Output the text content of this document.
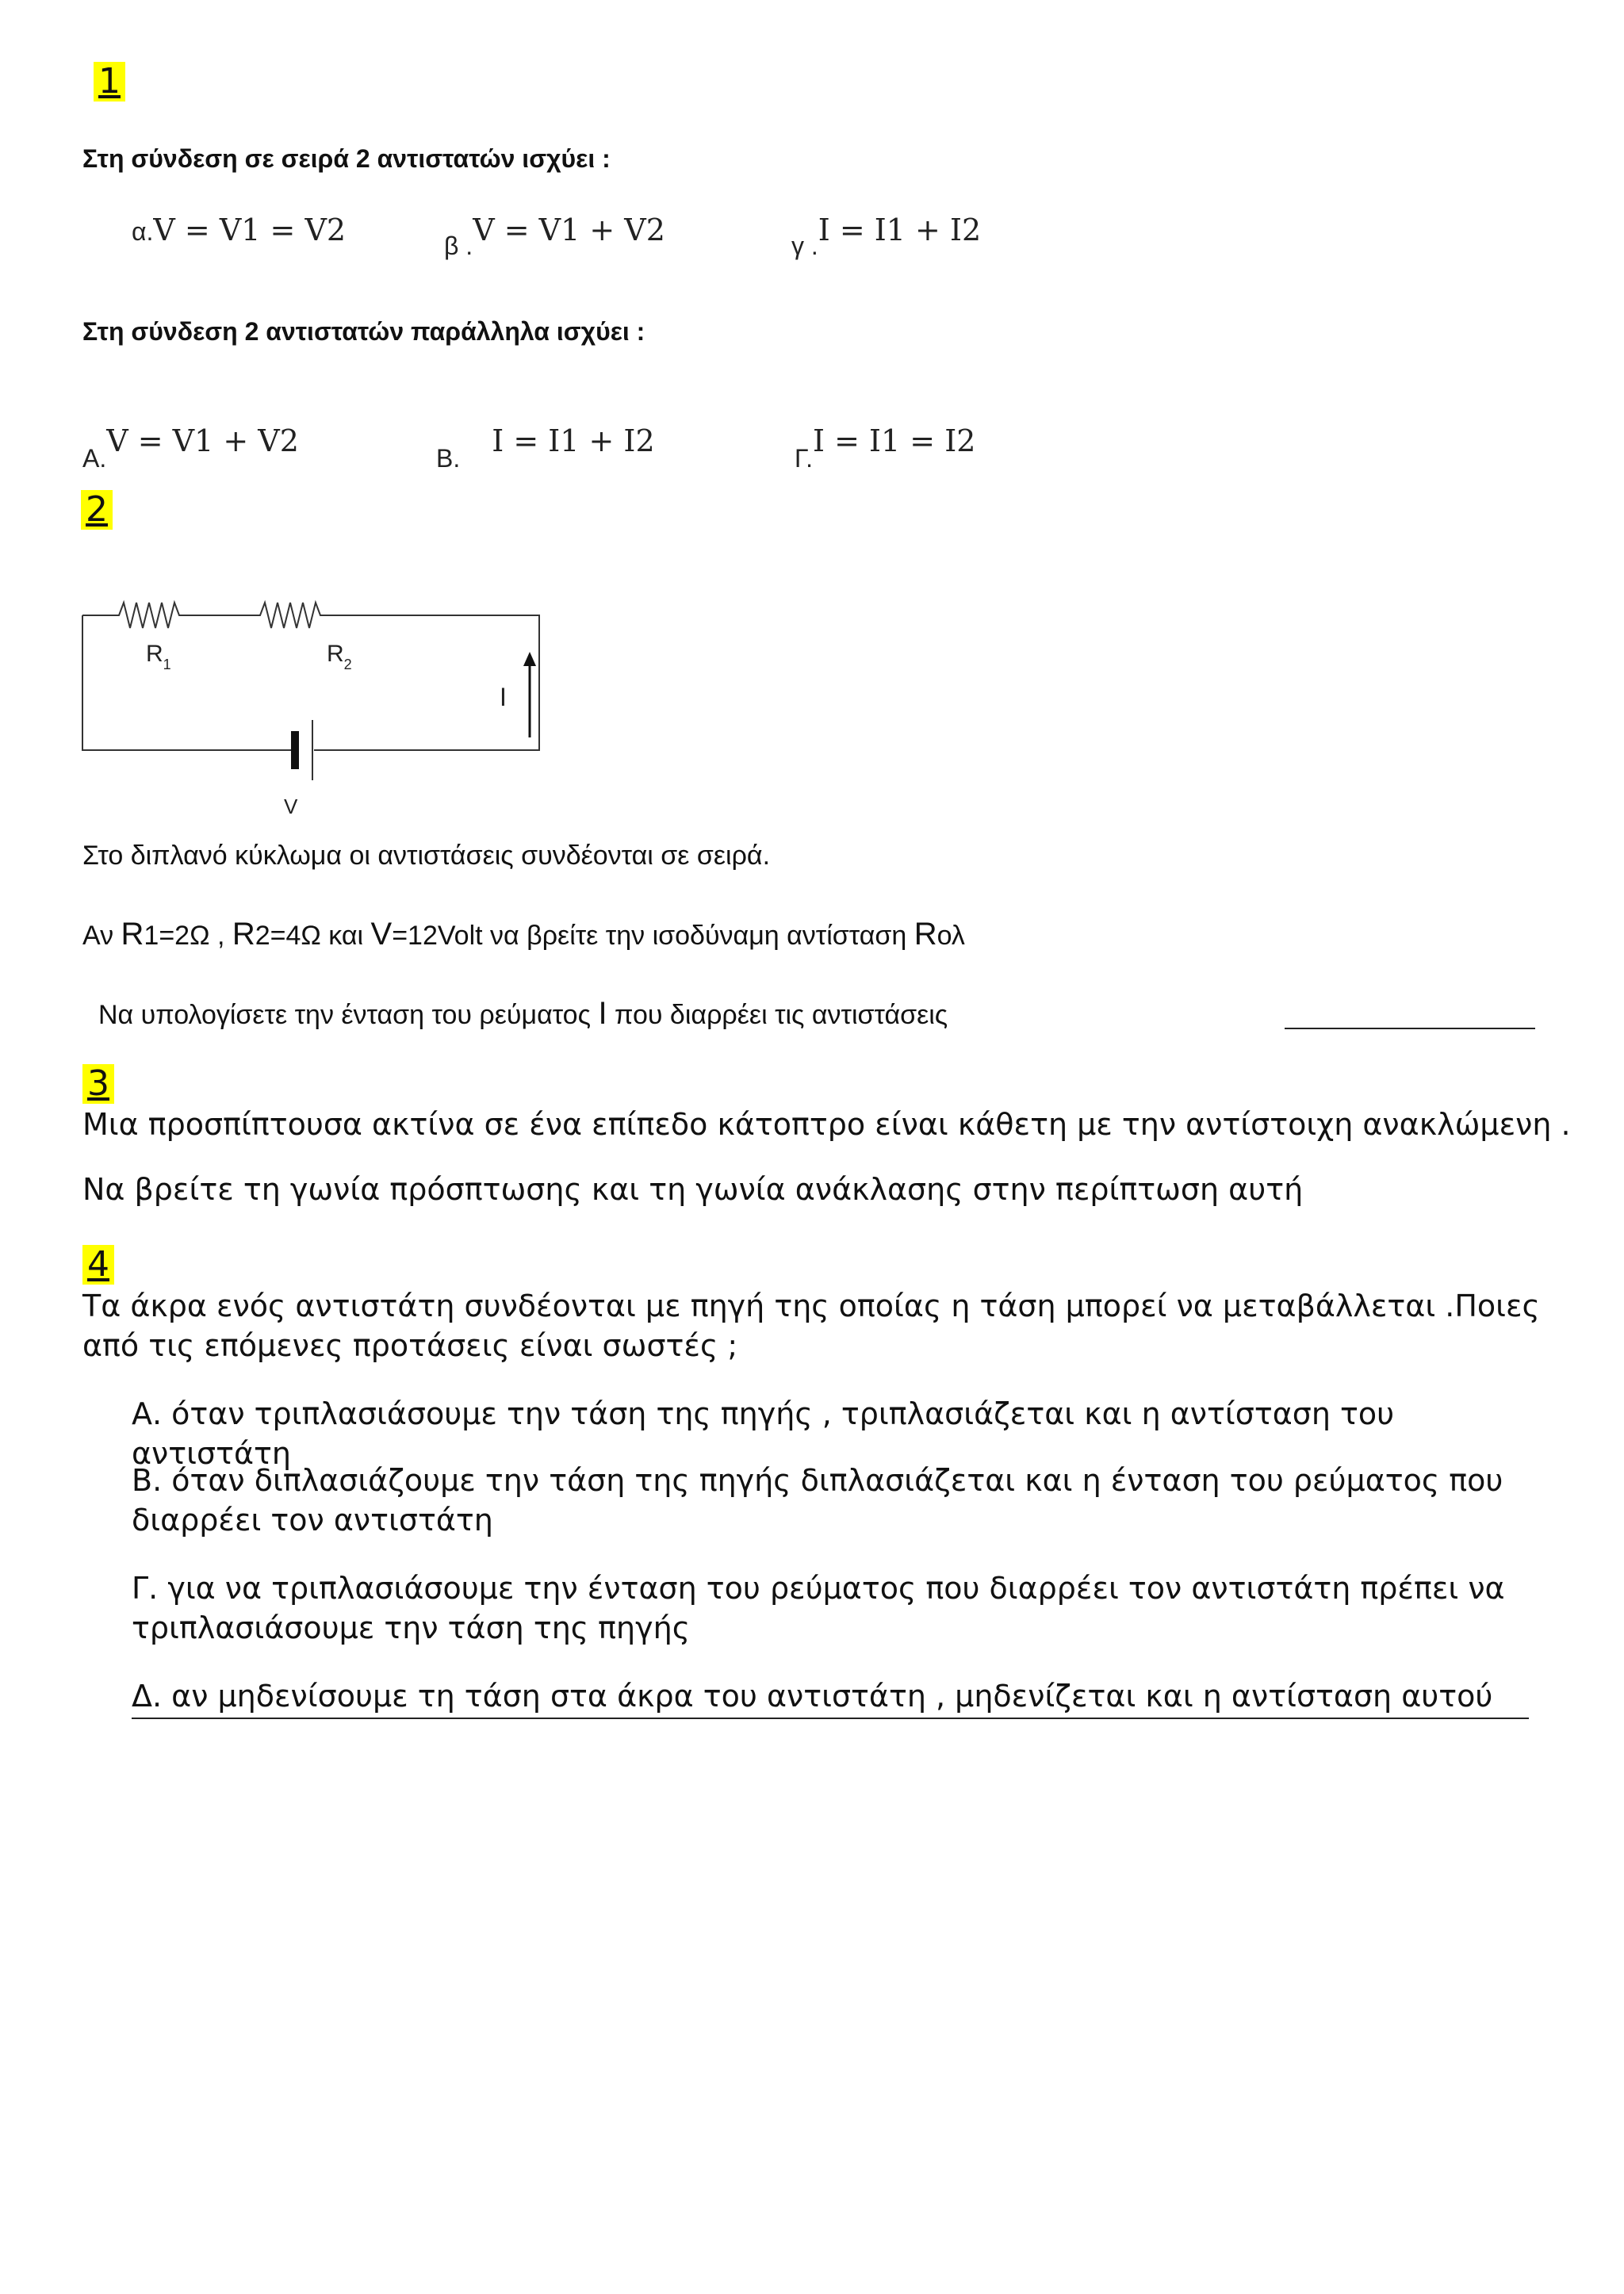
1
Στη σύνδεση σε σειρά 2 αντιστατών ισχύει :
α.V = V1 = V2	$_{\beta .}$V = V1 + V2	$_{\gamma .}$I = I1 + I2
Στη σύνδεση 2 αντιστατών παράλληλα ισχύει :
$_{A.}$V = V1 + V2	$_{B.}$ I = I1 + I2	$_{\Gamma.}$I = I1 = I2
2
$R_1$	$R_2$
I
V
Στο διπλανό κύκλωμα οι αντιστάσεις συνδέονται σε σειρά.
Αν R1=2Ω , R2=4Ω και V=12Volt να βρείτε την ισοδύναμη αντίσταση Rολ
Να υπολογίσετε την ένταση του ρεύματος I που διαρρέει τις αντιστάσεις
3
Μια προσπίπτουσα ακτίνα σε ένα επίπεδο κάτοπτρο είναι κάθετη με την αντίστοιχη ανακλώμενη .
Να βρείτε τη γωνία πρόσπτωσης και τη γωνία ανάκλασης στην περίπτωση αυτή
4
Τα άκρα ενός αντιστάτη συνδέονται με πηγή της οποίας η τάση μπορεί να μεταβάλλεται .Ποιες από τις επόμενες προτάσεις είναι σωστές ;
Α. όταν τριπλασιάσουμε την τάση της πηγής , τριπλασιάζεται και η αντίσταση του αντιστάτη
Β. όταν διπλασιάζουμε την τάση της πηγής διπλασιάζεται και η ένταση του ρεύματος που διαρρέει τον αντιστάτη
Γ. για να τριπλασιάσουμε την ένταση του ρεύματος που διαρρέει τον αντιστάτη πρέπει να τριπλασιάσουμε την τάση της πηγής
Δ. αν μηδενίσουμε τη τάση στα άκρα του αντιστάτη , μηδενίζεται και η αντίσταση αυτού
